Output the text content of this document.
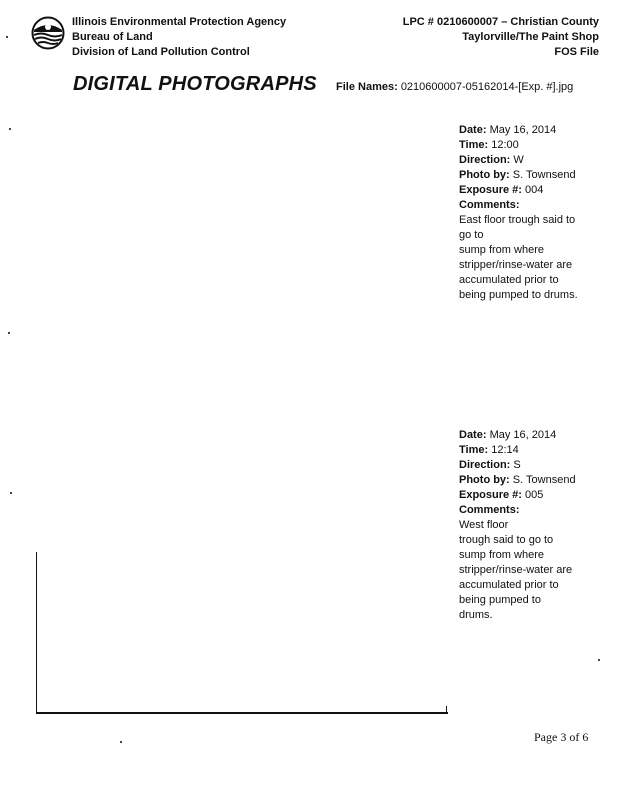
Illinois Environmental Protection Agency
Bureau of Land
Division of Land Pollution Control
LPC # 0210600007 – Christian County
Taylorville/The Paint Shop
FOS File
DIGITAL PHOTOGRAPHS File Names: 0210600007-05162014-[Exp. #].jpg
Date: May 16, 2014
Time: 12:00
Direction: W
Photo by: S. Townsend
Exposure #: 004
Comments:
East floor trough said to
go to
sump from where
stripper/rinse-water are
accumulated prior to
being pumped to drums.
Date: May 16, 2014
Time: 12:14
Direction: S
Photo by: S. Townsend
Exposure #: 005
Comments:
West floor
trough said to go to
sump from where
stripper/rinse-water are
accumulated prior to
being pumped to
drums.
Page 3 of 6
